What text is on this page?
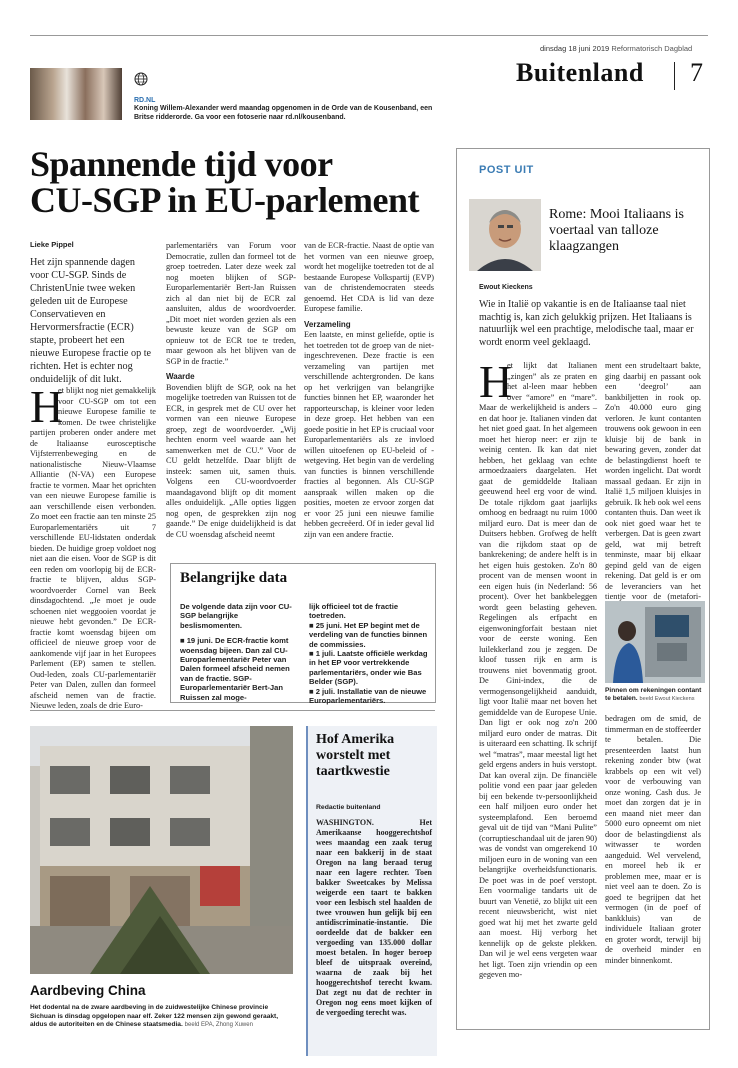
dinsdag 18 juni 2019 Reformatorisch Dagblad
Buitenland 7
RD.NL
Koning Willem-Alexander werd maandag opgenomen in de Orde van de Kousenband, een Britse ridderorde. Ga voor een fotoserie naar rd.nl/kousenband.
Spannende tijd voor
CU-SGP in EU-parlement
Lieke Pippel
Het zijn spannende dagen voor CU-SGP. Sinds de ChristenUnie twee weken geleden uit de Europese Conservatieven en Hervormersfractie (ECR) stapte, probeert het een nieuwe Europese fractie op te richten. Het is echter nog onduidelijk of dit lukt.
H
et blijkt nog niet gemakkelijk voor CU-SGP om tot een nieuwe Europese familie te komen. De twee christelijke partijen proberen onder andere met de Italiaanse eurosceptische Vijfsterrenbeweging en de nationalistische Nieuw-Vlaamse Alliantie (N-VA) een Europese fractie te vormen. Maar het oprichten van een nieuwe Europese familie is aan verschillende eisen verbonden. Zo moet een fractie aan ten minste 25 Europarlementariërs uit 7 verschillende EU-lidstaten onderdak bieden. De huidige groep voldoet nog niet aan die eisen. Voor de SGP is dit een reden om voorlopig bij de ECR-fractie te blijven, aldus SGP-woordvoerder Cornel van Beek dinsdagochtend. „Je moet je oude schoenen niet weggooien voordat je nieuwe hebt gevonden.” De ECR-fractie komt woensdag bijeen om officieel de nieuwe groep voor de aankomende vijf jaar in het Europees Parlement (EP) samen te stellen. Oud-leden, zoals CU-parlementariër Peter van Dalen, zullen dan formeel afscheid nemen van de fractie. Nieuwe leden, zoals de drie Euro-
parlementariërs van Forum voor Democratie, zullen dan formeel tot de groep toetreden. Later deze week zal nog moeten blijken of SGP-Europarlementariër Bert-Jan Ruissen zich al dan niet bij de ECR zal aansluiten, aldus de woordvoerder. „Dit moet niet worden gezien als een bewuste keuze van de SGP om opnieuw tot de ECR toe te treden, maar gewoon als het blijven van de SGP in de fractie.”
Waarde
Bovendien blijft de SGP, ook na het mogelijke toetreden van Ruissen tot de ECR, in gesprek met de CU over het vormen van een nieuwe Europese groep, zegt de woordvoerder. „Wij hechten enorm veel waarde aan het samenwerken met de CU.” Voor de CU geldt hetzelfde. Daar blijft de insteek: samen uit, samen thuis. Volgens een CU-woordvoerder maandagavond blijft op dit moment alles onduidelijk. „Alle opties liggen nog open, de gesprekken zijn nog gaande.” De enige duidelijkheid is dat de CU woensdag afscheid neemt
van de ECR-fractie. Naast de optie van het vormen van een nieuwe groep, wordt het mogelijke toetreden tot de al bestaande Europese Volkspartij (EVP) van de christendemocraten steeds genoemd. Het CDA is lid van deze Europese familie.
Verzameling
Een laatste, en minst geliefde, optie is het toetreden tot de groep van de niet-ingeschrevenen. Deze fractie is een verzameling van partijen met verschillende achtergronden. De kans op het verkrijgen van belangrijke functies binnen het EP, waaronder het rapporteurschap, is kleiner voor leden in deze groep. Het hebben van een goede positie in het EP is cruciaal voor Europarlementariërs als ze invloed willen uitoefenen op EU-beleid of -wetgeving. Het begin van de verdeling van functies is binnen verschillende fracties al begonnen. Als CU-SGP aanspraak willen maken op die posities, moeten ze ervoor zorgen dat er voor 25 juni een nieuwe familie hebben gecreëerd. Of in ieder geval lid zijn van een andere fractie.
Belangrijke data
De volgende data zijn voor CU-SGP belangrijke beslismomenten.
■ 19 juni. De ECR-fractie komt woensdag bijeen. Dan zal CU-Europarlementariër Peter van Dalen formeel afscheid nemen van de fractie. SGP-Europarlementariër Bert-Jan Ruissen zal moge-
lijk officieel tot de fractie toetreden.
■ 25 juni. Het EP begint met de verdeling van de functies binnen de commissies.
■ 1 juli. Laatste officiële werkdag in het EP voor vertrekkende parlementariërs, onder wie Bas Belder (SGP).
■ 2 juli. Installatie van de nieuwe Europarlementariërs.
Aardbeving China
Het dodental na de zware aardbeving in de zuidwestelijke Chinese provincie Sichuan is dinsdag opgelopen naar elf. Zeker 122 mensen zijn gewond geraakt, aldus de autoriteiten en de Chinese staatsmedia. beeld EPA, Zhong Xuwen
Hof Amerika worstelt met taartkwestie
Redactie buitenland
WASHINGTON. Het Amerikaanse hooggerechtshof wees maandag een zaak terug naar een bakkerij in de staat Oregon na lang beraad terug naar een lagere rechter. Toen bakker Sweetcakes by Melissa weigerde een taart te bakken voor een lesbisch stel haalden de twee vrouwen hun gelijk bij een antidiscriminatie-instantie. Die oordeelde dat de bakker een vergoeding van 135.000 dollar moest betalen. In hoger beroep bleef de uitspraak overeind, waarna de zaak bij het hooggerechtshof terecht kwam. Dat zegt nu dat de rechter in Oregon nog eens moet kijken of de vergoeding terecht was.
POST UIT
Rome: Mooi Italiaans is voertaal van talloze klaagzangen
Ewout Kieckens
Wie in Italië op vakantie is en de Italiaanse taal niet machtig is, kan zich gelukkig prijzen. Het Italiaans is natuurlijk wel een prachtige, melodische taal, maar er wordt enorm veel geklaagd.
H
et lijkt dat Italianen „zingen” als ze praten en het al-leen maar hebben over “amore” en “mare”. Maar de werkelijkheid is anders – en dat hoor je. Italianen vinden dat het niet goed gaat. In het algemeen moet het hierop neer: er zijn te weinig centen. Ik kan dat niet hebben, het geklaag van echte armoedzaaiers daargelaten. Het gaat de gemiddelde Italiaan geeuwend heel erg voor de wind. De totale rijkdom gaat jaarlijks omhoog en bedraagt nu ruim 1000 miljard euro. Dat is meer dan de Duitsers hebben. Grofweg de helft van die rijkdom staat op de bankrekening; de andere helft is in het eigen huis gestoken. Zo'n 80 procent van de mensen woont in een eigen huis (in Nederland: 56 procent). Over het bankbeleggen wordt geen belasting geheven. Regelingen als erfpacht en eigenwoningforfait bestaan niet voor de eerste woning. Een luilekkerland zou je zeggen. De kloof tussen rijk en arm is trouwens niet bovenmatig groot. De Gini-index, die de vermogensongelijkheid aanduidt, ligt voor Italië maar net boven het gemiddelde van de Europese Unie. Dan ligt er ook nog zo'n 200 miljard euro onder de matras. Dit is uiteraard een schatting. Ik schrijf wel “matras”, maar meestal ligt het geld ergens anders in huis verstopt. Dat kan overal zijn. De financiële politie vond een paar jaar geleden bij een bekende tv-persoonlijkheid een half miljoen euro onder het systeemplafond. Een beroemd geval uit de tijd van “Mani Pulite” (corruptieschandaal uit de jaren 90) was de vondst van omgerekend 10 miljoen euro in de woning van een belangrijke overheidsfunctionaris. De poet was in de poef verstopt. Een voormalige tandarts uit de buurt van Venetië, zo blijkt uit een recent nieuwsbericht, wist niet goed wat hij met het zwarte geld aan moest. Hij verborg het kennelijk op de gekste plekken. Dan wil je wel eens vergeten waar het ligt. Toen zijn vriendin op een gegeven mo-
ment een strudeltaart bakte, ging daarbij en passant ook een ‘deegrol’ aan bankbiljetten in rook op. Zo'n 40.000 euro ging verloren. Je kunt contanten trouwens ook gewoon in een kluisje bij de bank in bewaring geven, zonder dat de belastingdienst hoeft te worden ingelicht. Dat wordt massaal gedaan. Er zijn in Italië 1,5 miljoen kluisjes in gebruik. Ik heb ook wel eens contanten thuis. Dan weet ik ook niet goed waar het te verbergen. Dat is geen zwart geld, wat mij betreft tenminste, maar bij elkaar gepind geld van de eigen rekening. Dat geld is er om de leveranciers van het tientje voor de (metafori-
Pinnen om rekeningen contant te betalen. beeld Ewout Kieckens
bedragen om de smid, de timmerman en de stoffeerder te betalen. Die presenteerden laatst hun rekening zonder btw (wat krabbels op een wit vel) voor de verbouwing van onze woning. Cash dus. Je moet dan zorgen dat je in een maand niet meer dan 5000 euro opneemt om niet door de belastingdienst als witwasser te worden aangeduid. Wel vervelend, en moreel heb ik er problemen mee, maar er is niet veel aan te doen. Zo is goed te begrijpen dat het vermogen (in de poef of bankkluis) van de individuele Italiaan groter en groter wordt, terwijl bij de overheid minder en minder binnenkomt.
